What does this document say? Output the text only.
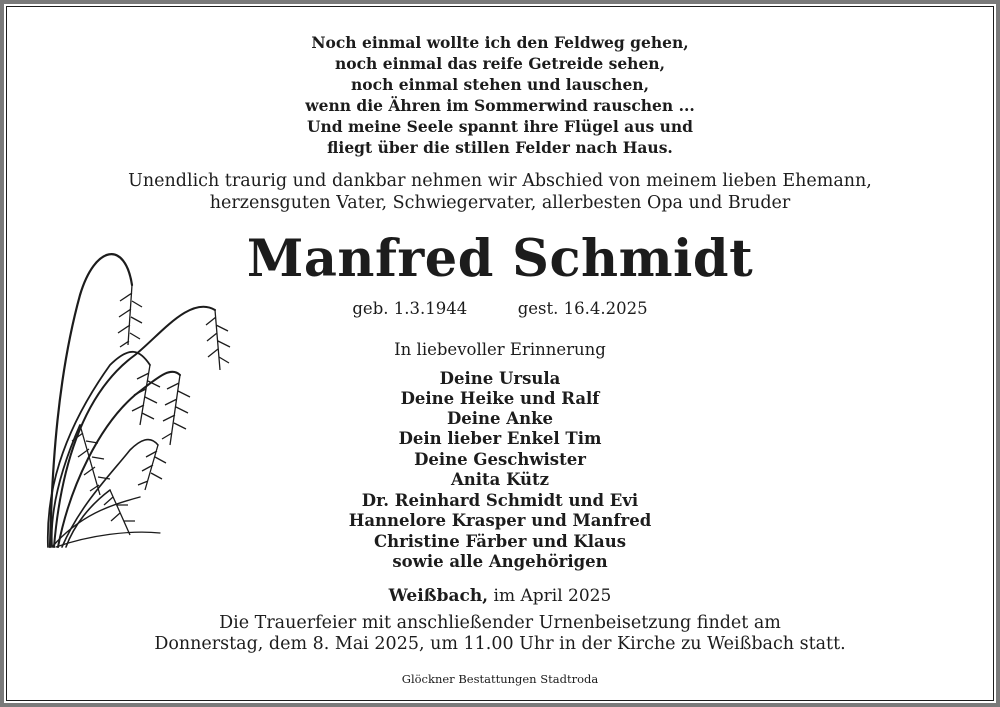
Noch einmal wollte ich den Feldweg gehen,
noch einmal das reife Getreide sehen,
noch einmal stehen und lauschen,
wenn die Ähren im Sommerwind rauschen ...
Und meine Seele spannt ihre Flügel aus und
fliegt über die stillen Felder nach Haus.
Unendlich traurig und dankbar nehmen wir Abschied von meinem lieben Ehemann,
herzensguten Vater, Schwiegervater, allerbesten Opa und Bruder
Manfred Schmidt
geb. 1.3.1944	gest. 16.4.2025
In liebevoller Erinnerung
Deine Ursula
Deine Heike und Ralf
Deine Anke
Dein lieber Enkel Tim
Deine Geschwister
Anita Kütz
Dr. Reinhard Schmidt und Evi
Hannelore Krasper und Manfred
Christine Färber und Klaus
sowie alle Angehörigen
Weißbach, im April 2025
Die Trauerfeier mit anschließender Urnenbeisetzung findet am
Donnerstag, dem 8. Mai 2025, um 11.00 Uhr in der Kirche zu Weißbach statt.
Glöckner Bestattungen Stadtroda
